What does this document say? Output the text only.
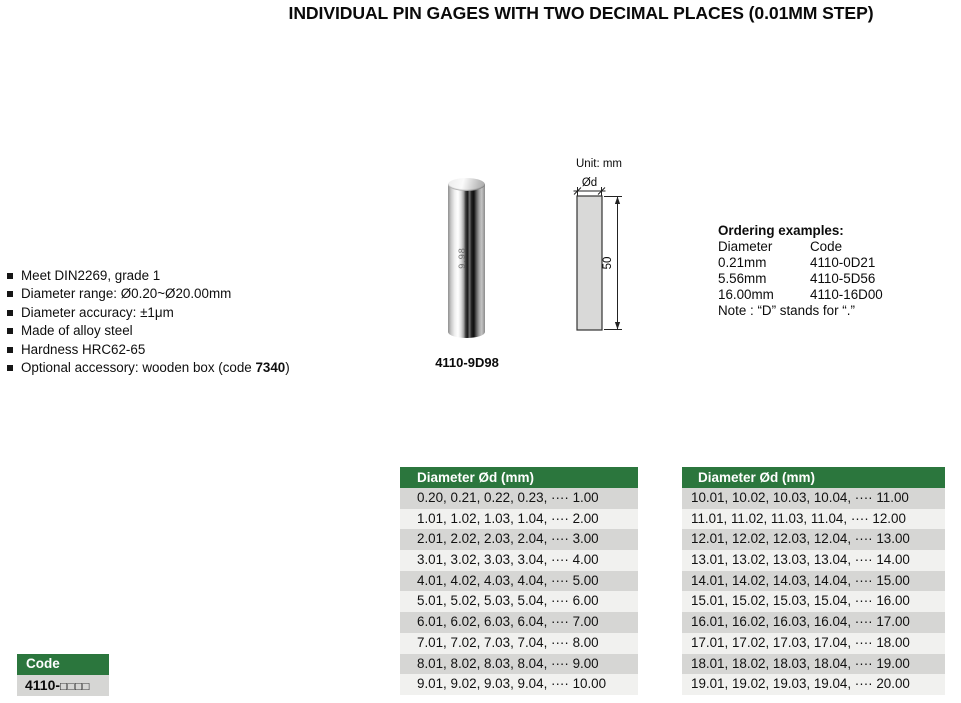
INDIVIDUAL PIN GAGES WITH TWO DECIMAL PLACES (0.01MM STEP)
Meet DIN2269, grade 1
Diameter range: Ø0.20~Ø20.00mm
Diameter accuracy: ±1μm
Made of alloy steel
Hardness HRC62-65
Optional accessory: wooden box (code 7340)
9.98
4110-9D98
Unit: mm
Ød
50
Ordering examples:
Diameter	Code
0.21mm	4110-0D21
5.56mm	4110-5D56
16.00mm	4110-16D00
Note : “D” stands for “.”
Diameter Ød (mm)
0.20, 0.21, 0.22, 0.23, ···· 1.00
1.01, 1.02, 1.03, 1.04, ···· 2.00
2.01, 2.02, 2.03, 2.04, ···· 3.00
3.01, 3.02, 3.03, 3.04, ···· 4.00
4.01, 4.02, 4.03, 4.04, ···· 5.00
5.01, 5.02, 5.03, 5.04, ···· 6.00
6.01, 6.02, 6.03, 6.04, ···· 7.00
7.01, 7.02, 7.03, 7.04, ···· 8.00
8.01, 8.02, 8.03, 8.04, ···· 9.00
9.01, 9.02, 9.03, 9.04, ···· 10.00
Diameter Ød (mm)
10.01, 10.02, 10.03, 10.04, ···· 11.00
11.01, 11.02, 11.03, 11.04, ···· 12.00
12.01, 12.02, 12.03, 12.04, ···· 13.00
13.01, 13.02, 13.03, 13.04, ···· 14.00
14.01, 14.02, 14.03, 14.04, ···· 15.00
15.01, 15.02, 15.03, 15.04, ···· 16.00
16.01, 16.02, 16.03, 16.04, ···· 17.00
17.01, 17.02, 17.03, 17.04, ···· 18.00
18.01, 18.02, 18.03, 18.04, ···· 19.00
19.01, 19.02, 19.03, 19.04, ···· 20.00
Code
4110-□□□□
